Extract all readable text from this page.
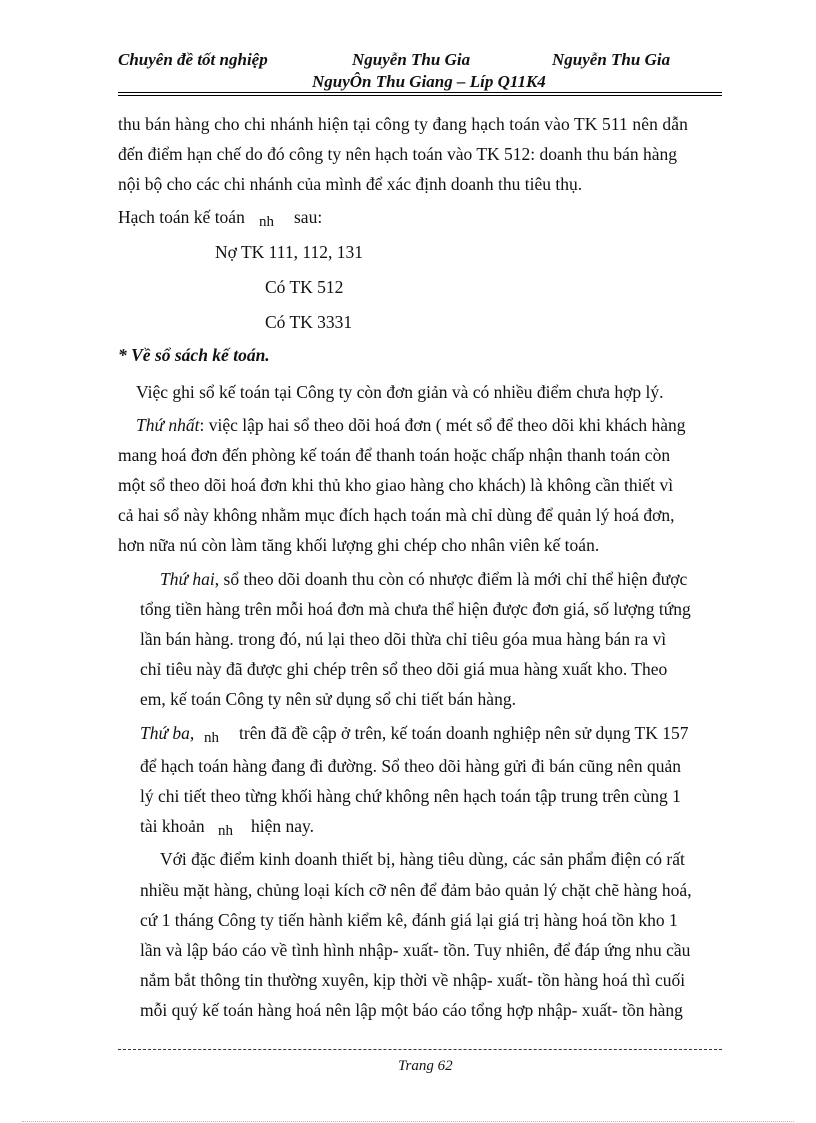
Chuyên đề tốt nghiệp	Nguyễn Thu Gia	Nguyễn Thu Gia
NguyÔn Thu Giang – Líp Q11K4
thu bán hàng cho chi nhánh hiện tại công ty đang hạch toán vào TK 511 nên dẫn
đến điểm hạn chế do đó công ty nên hạch toán vào TK 512: doanh thu bán hàng
nội bộ cho các chi nhánh của mình để xác định doanh thu tiêu thụ.
Hạch toán kế toán nh sau:
Nợ TK 111, 112, 131
Có TK 512
Có TK 3331
* Về sổ sách kế toán.
Việc ghi sổ kế toán tại Công ty còn đơn giản và có nhiều điểm chưa hợp lý.
Thứ nhất: việc lập hai sổ theo dõi hoá đơn ( mét sổ để theo dõi khi khách hàng
mang hoá đơn đến phòng kế toán để thanh toán hoặc chấp nhận thanh toán còn
một sổ theo dõi hoá đơn khi thủ kho giao hàng cho khách) là không cần thiết vì
cả hai sổ này không nhằm mục đích hạch toán mà chỉ dùng để quản lý hoá đơn,
hơn nữa nú còn làm tăng khối lượng ghi chép cho nhân viên kế toán.
Thứ hai, sổ theo dõi doanh thu còn có nhược điểm là mới chỉ thể hiện được
tổng tiền hàng trên mỗi hoá đơn mà chưa thể hiện được đơn giá, số lượng tứng
lần bán hàng. trong đó, nú lại theo dõi thừa chỉ tiêu góa mua hàng bán ra vì
chỉ tiêu này đã được ghi chép trên sổ theo dõi giá mua hàng xuất kho. Theo
em, kế toán Công ty nên sử dụng sổ chi tiết bán hàng.
Thứ ba, nh trên đã đề cập ở trên, kế toán doanh nghiệp nên sử dụng TK 157
để hạch toán hàng đang đi đường. Sổ theo dõi hàng gửi đi bán cũng nên quản
lý chi tiết theo từng khối hàng chứ không nên hạch toán tập trung trên cùng 1
tài khoản nh hiện nay.
Với đặc điểm kinh doanh thiết bị, hàng tiêu dùng, các sản phẩm điện có rất
nhiều mặt hàng, chủng loại kích cỡ nên để đảm bảo quản lý chặt chẽ hàng hoá,
cứ 1 tháng Công ty tiến hành kiểm kê, đánh giá lại giá trị hàng hoá tồn kho 1
lần và lập báo cáo về tình hình nhập- xuất- tồn. Tuy nhiên, để đáp ứng nhu cầu
nắm bắt thông tin thường xuyên, kịp thời về nhập- xuất- tồn hàng hoá thì cuối
mỗi quý kế toán hàng hoá nên lập một báo cáo tổng hợp nhập- xuất- tồn hàng
Trang 62
